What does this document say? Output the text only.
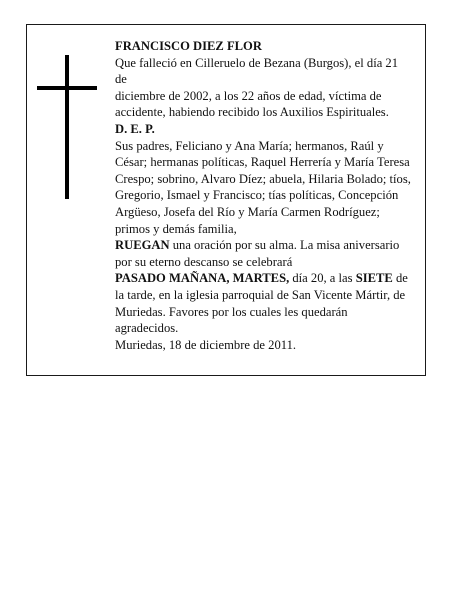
FRANCISCO DIEZ FLOR

Que falleció en Cilleruelo de Bezana (Burgos), el día 21 de

diciembre de 2002, a los 22 años de edad, víctima de accidente, habiendo recibido los Auxilios Espirituales.

D. E. P.

Sus padres, Feliciano y Ana María; hermanos, Raúl y César; hermanas políticas, Raquel Herrería y María Teresa Crespo; sobrino, Alvaro Díez; abuela, Hilaria Bolado; tíos, Gregorio, Ismael y Francisco; tías políticas, Concepción Argüeso, Josefa del Río y María Carmen Rodríguez; primos y demás familia,

RUEGAN una oración por su alma. La misa aniversario por su eterno descanso se celebrará

PASADO MAÑANA, MARTES, día 20, a las SIETE de la tarde, en la iglesia parroquial de San Vicente Mártir, de Muriedas. Favores por los cuales les quedarán agradecidos.

Muriedas, 18 de diciembre de 2011.
